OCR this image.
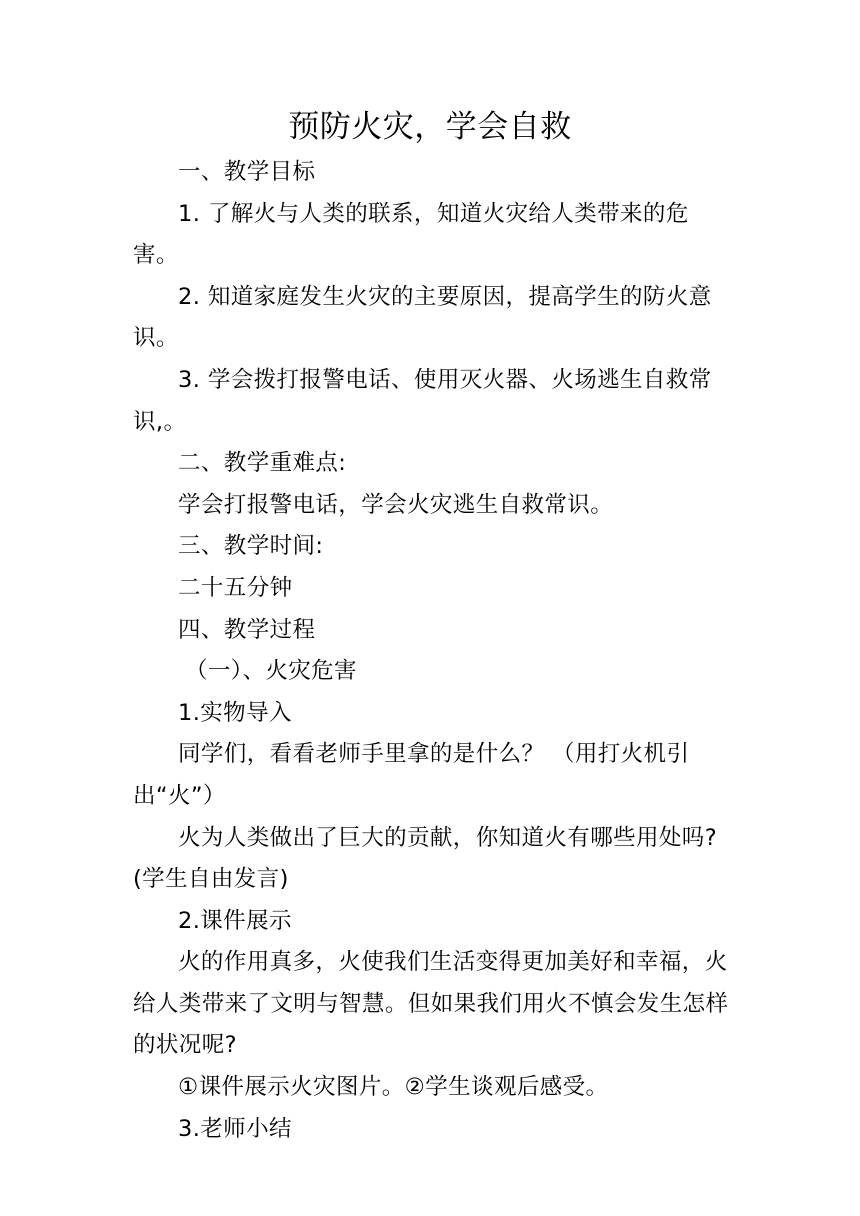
预防火灾，学会自救

一、教学目标

1. 了解火与人类的联系，知道火灾给人类带来的危害。

2. 知道家庭发生火灾的主要原因，提高学生的防火意识。

3. 学会拨打报警电话、使用灭火器、火场逃生自救常识,。

二、教学重难点:

学会打报警电话，学会火灾逃生自救常识。

三、教学时间:

二十五分钟

四、教学过程

（一）、火灾危害

1.实物导入

同学们，看看老师手里拿的是什么？ （用打火机引出“火”）

火为人类做出了巨大的贡献，你知道火有哪些用处吗?(学生自由发言)

2.课件展示

火的作用真多，火使我们生活变得更加美好和幸福，火给人类带来了文明与智慧。但如果我们用火不慎会发生怎样的状况呢?

①课件展示火灾图片。②学生谈观后感受。

3.老师小结
